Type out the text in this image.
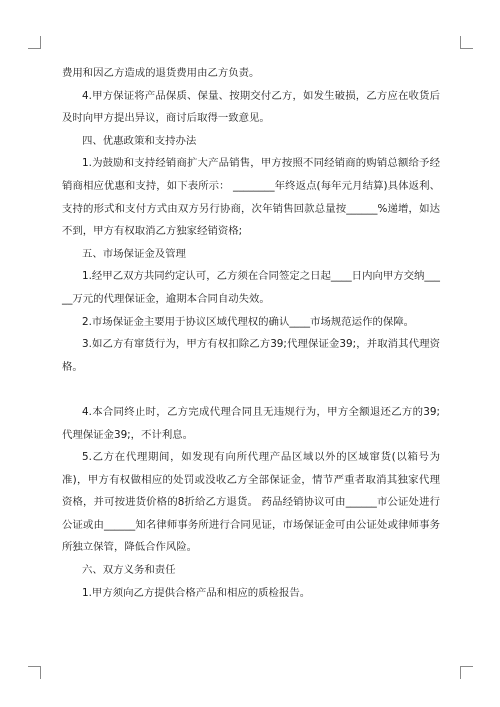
费用和因乙方造成的退货费用由乙方负责。

4.甲方保证将产品保质、保量、按期交付乙方，如发生破损，乙方应在收货后及时向甲方提出异议，商讨后取得一致意见。

四、优惠政策和支持办法

1.为鼓励和支持经销商扩大产品销售，甲方按照不同经销商的购销总额给予经销商相应优惠和支持，如下表所示： ________年终返点(每年元月结算)具体返利、支持的形式和支付方式由双方另行协商，次年销售回款总量按______%递增，如达不到，甲方有权取消乙方独家经销资格;

五、市场保证金及管理

1.经甲乙双方共同约定认可，乙方须在合同签定之日起____日内向甲方交纳_____万元的代理保证金，逾期本合同自动失效。

2.市场保证金主要用于协议区域代理权的确认____市场规范运作的保障。

3.如乙方有窜货行为，甲方有权扣除乙方39;代理保证金39;，并取消其代理资格。

4.本合同终止时，乙方完成代理合同且无违规行为，甲方全额退还乙方的39;代理保证金39;，不计利息。

5.乙方在代理期间，如发现有向所代理产品区域以外的区域窜货(以箱号为准)，甲方有权做相应的处罚或没收乙方全部保证金，情节严重者取消其独家代理资格，并可按进货价格的8折给乙方退货。 药品经销协议可由______市公证处进行公证或由______知名律师事务所进行合同见证，市场保证金可由公证处或律师事务所独立保管，降低合作风险。

六、双方义务和责任

1.甲方须向乙方提供合格产品和相应的质检报告。
